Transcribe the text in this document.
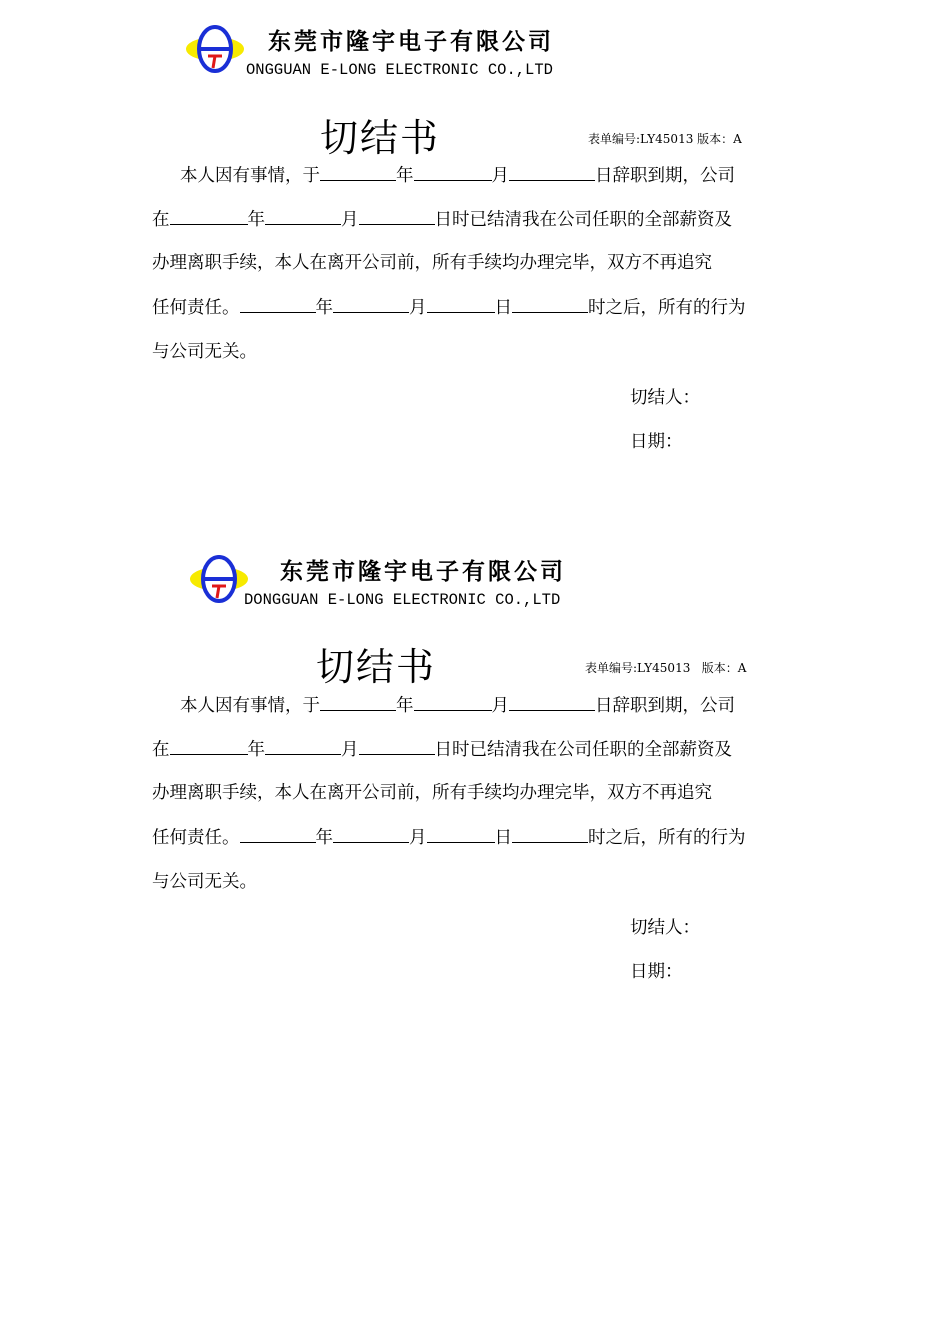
东莞市隆宇电子有限公司
ONGGUAN E-LONG ELECTRONIC CO.,LTD
切结书	表单编号:LY45013 版本：A
本人因有事情，于	年	月	日辞职到期，公司
在	年	月	日时已结清我在公司任职的全部薪资及
办理离职手续，本人在离开公司前，所有手续均办理完毕，双方不再追究
任何责任。	年	月	日	时之后，所有的行为
与公司无关。
切结人：
日期：
东莞市隆宇电子有限公司
DONGGUAN E-LONG ELECTRONIC CO.,LTD
切结书	表单编号:LY45013   版本：A
本人因有事情，于	年	月	日辞职到期，公司
在	年	月	日时已结清我在公司任职的全部薪资及
办理离职手续，本人在离开公司前，所有手续均办理完毕，双方不再追究
任何责任。	年	月	日	时之后，所有的行为
与公司无关。
切结人：
日期：
